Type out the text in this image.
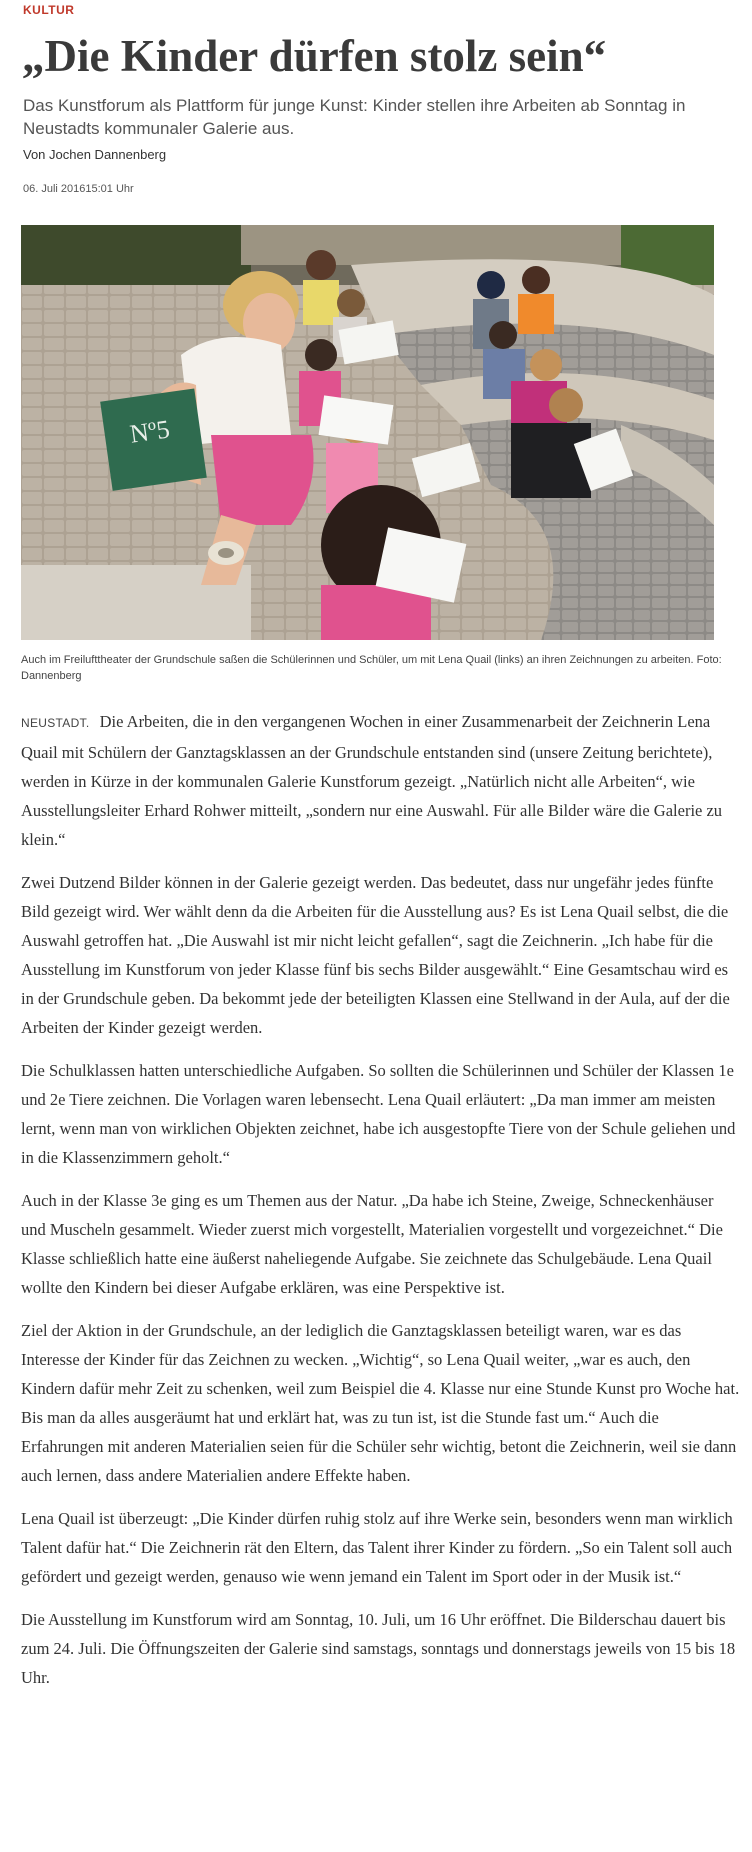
KULTUR
„Die Kinder dürfen stolz sein“

Das Kunstforum als Plattform für junge Kunst: Kinder stellen ihre Arbeiten ab Sonntag in Neustadts kommunaler Galerie aus.

Von Jochen Dannenberg
06. Juli 201615:01 Uhr
Nº5

Auch im Freilufttheater der Grundschule saßen die Schülerinnen und Schüler, um mit Lena Quail (links) an ihren Zeichnungen zu arbeiten. Foto: Dannenberg

NEUSTADT. Die Arbeiten, die in den vergangenen Wochen in einer Zusammenarbeit der Zeichnerin Lena Quail mit Schülern der Ganztagsklassen an der Grundschule entstanden sind (unsere Zeitung berichtete), werden in Kürze in der kommunalen Galerie Kunstforum gezeigt. „Natürlich nicht alle Arbeiten“, wie Ausstellungsleiter Erhard Rohwer mitteilt, „sondern nur eine Auswahl. Für alle Bilder wäre die Galerie zu klein.“

Zwei Dutzend Bilder können in der Galerie gezeigt werden. Das bedeutet, dass nur ungefähr jedes fünfte Bild gezeigt wird. Wer wählt denn da die Arbeiten für die Ausstellung aus? Es ist Lena Quail selbst, die die Auswahl getroffen hat. „Die Auswahl ist mir nicht leicht gefallen“, sagt die Zeichnerin. „Ich habe für die Ausstellung im Kunstforum von jeder Klasse fünf bis sechs Bilder ausgewählt.“ Eine Gesamtschau wird es in der Grundschule geben. Da bekommt jede der beteiligten Klassen eine Stellwand in der Aula, auf der die Arbeiten der Kinder gezeigt werden.

Die Schulklassen hatten unterschiedliche Aufgaben. So sollten die Schülerinnen und Schüler der Klassen 1e und 2e Tiere zeichnen. Die Vorlagen waren lebensecht. Lena Quail erläutert: „Da man immer am meisten lernt, wenn man von wirklichen Objekten zeichnet, habe ich ausgestopfte Tiere von der Schule geliehen und in die Klassenzimmern geholt.“

Auch in der Klasse 3e ging es um Themen aus der Natur. „Da habe ich Steine, Zweige, Schneckenhäuser und Muscheln gesammelt. Wieder zuerst mich vorgestellt, Materialien vorgestellt und vorgezeichnet.“ Die Klasse schließlich hatte eine äußerst naheliegende Aufgabe. Sie zeichnete das Schulgebäude. Lena Quail wollte den Kindern bei dieser Aufgabe erklären, was eine Perspektive ist.

Ziel der Aktion in der Grundschule, an der lediglich die Ganztagsklassen beteiligt waren, war es das Interesse der Kinder für das Zeichnen zu wecken. „Wichtig“, so Lena Quail weiter, „war es auch, den Kindern dafür mehr Zeit zu schenken, weil zum Beispiel die 4. Klasse nur eine Stunde Kunst pro Woche hat. Bis man da alles ausgeräumt hat und erklärt hat, was zu tun ist, ist die Stunde fast um.“ Auch die Erfahrungen mit anderen Materialien seien für die Schüler sehr wichtig, betont die Zeichnerin, weil sie dann auch lernen, dass andere Materialien andere Effekte haben.

Lena Quail ist überzeugt: „Die Kinder dürfen ruhig stolz auf ihre Werke sein, besonders wenn man wirklich Talent dafür hat.“ Die Zeichnerin rät den Eltern, das Talent ihrer Kinder zu fördern. „So ein Talent soll auch gefördert und gezeigt werden, genauso wie wenn jemand ein Talent im Sport oder in der Musik ist.“

Die Ausstellung im Kunstforum wird am Sonntag, 10. Juli, um 16 Uhr eröffnet. Die Bilderschau dauert bis zum 24. Juli. Die Öffnungszeiten der Galerie sind samstags, sonntags und donnerstags jeweils von 15 bis 18 Uhr.
